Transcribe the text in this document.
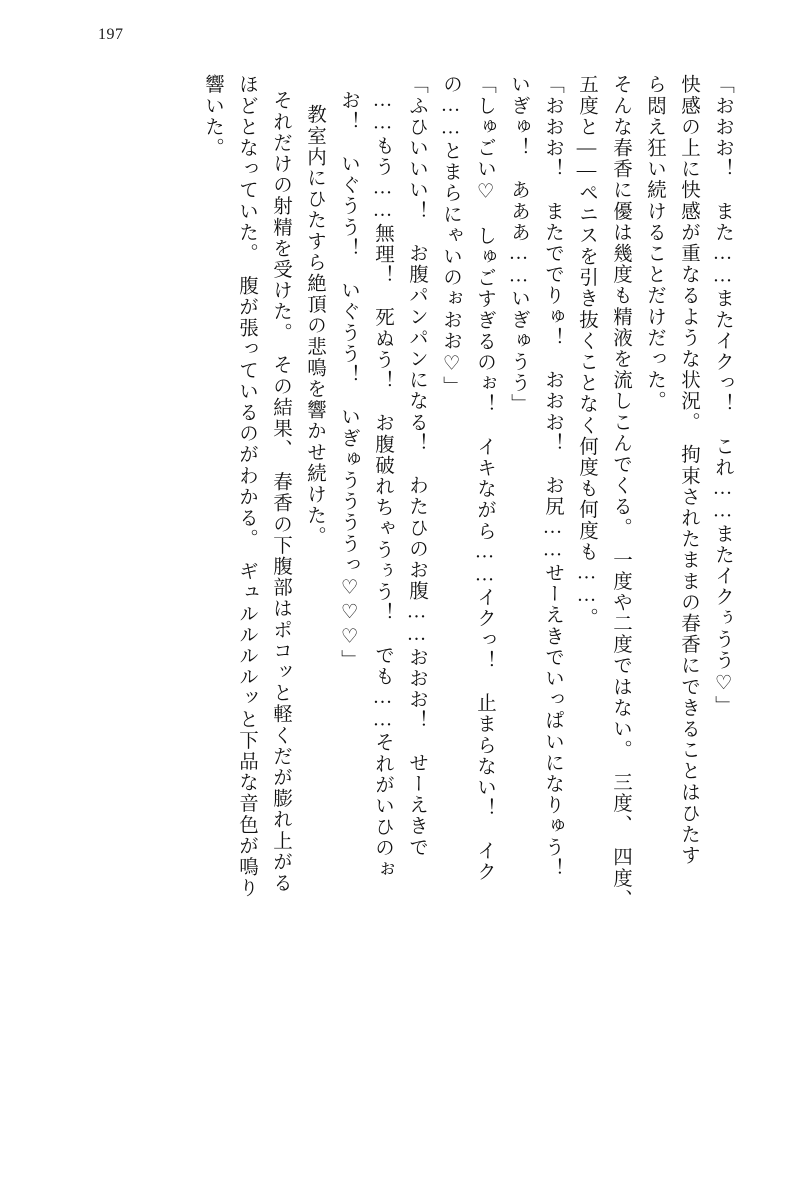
197
「おおお！　また……またイクっ！　これ……またイクぅうう♡」
快感の上に快感が重なるような状況。　拘束されたままの春香にできることはひたす
ら悶え狂い続けることだけだった。
そんな春香に優は幾度も精液を流しこんでくる。　一度や二度ではない。　三度、　四度、
五度と――ペニスを引き抜くことなく何度も何度も……。
「おおお！　またででりゅ！　おおお！　お尻……せーえきでいっぱいになりゅう！
いぎゅ！　あああ……いぎゅうう」
「しゅごい♡　しゅごすぎるのぉ！　イキながら……イクっ！　止まらない！　イク
の……とまらにゃいのぉおお♡」
「ふひいいい！　お腹パンパンになる！　わたひのお腹……おおお！　せーえきで
……もう……無理！　死ぬう！　お腹破れちゃうぅう！　でも……それがいひのぉ
お！　いぐうう！　いぐうう！　いぎゅううううっ♡♡♡」
教室内にひたすら絶頂の悲鳴を響かせ続けた。
それだけの射精を受けた。　その結果、　春香の下腹部はポコッと軽くだが膨れ上がる
ほどとなっていた。　腹が張っているのがわかる。　ギュルルルルッと下品な音色が鳴り
響いた。
